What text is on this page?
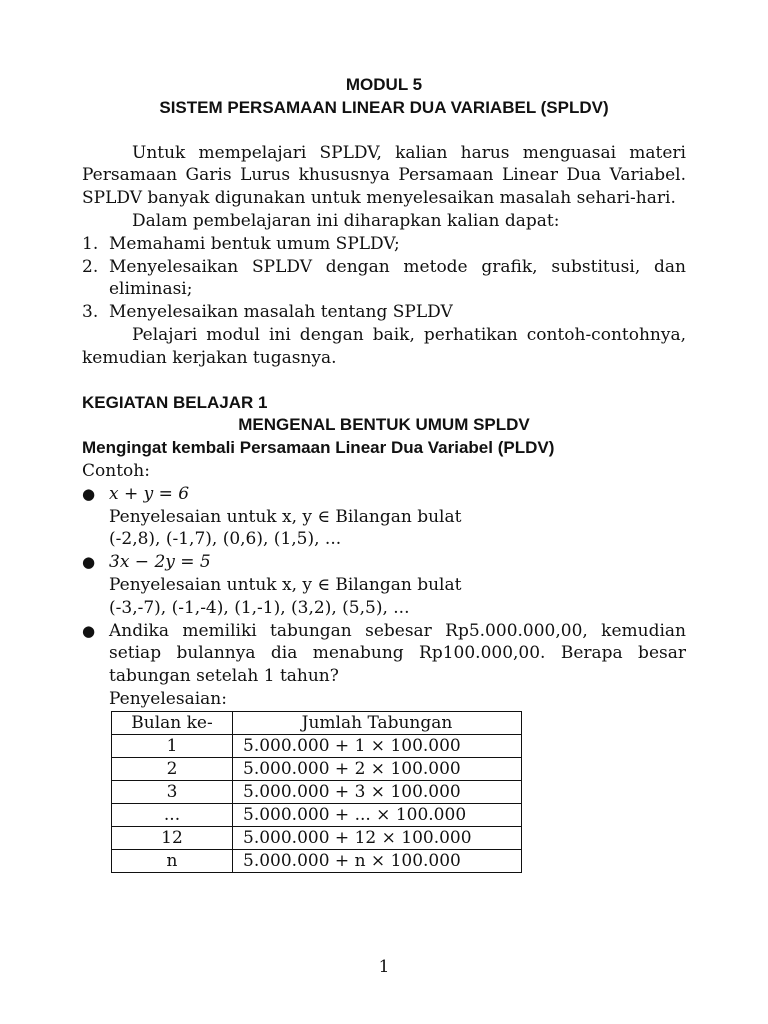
MODUL 5

SISTEM PERSAMAAN LINEAR DUA VARIABEL (SPLDV)

Untuk mempelajari SPLDV, kalian harus menguasai materi Persamaan Garis Lurus khususnya Persamaan Linear Dua Variabel. SPLDV banyak digunakan untuk menyelesaikan masalah sehari-hari.

Dalam pembelajaran ini diharapkan kalian dapat:

1. Memahami bentuk umum SPLDV;
2. Menyelesaikan SPLDV dengan metode grafik, substitusi, dan eliminasi;
3. Menyelesaikan masalah tentang SPLDV

Pelajari modul ini dengan baik, perhatikan contoh-contohnya, kemudian kerjakan tugasnya.

KEGIATAN BELAJAR 1

MENGENAL BENTUK UMUM SPLDV

Mengingat kembali Persamaan Linear Dua Variabel (PLDV)

Contoh:

● x + y = 6

Penyelesaian untuk x, y ∈ Bilangan bulat

(-2,8), (-1,7), (0,6), (1,5), ...

● 3x − 2y = 5

Penyelesaian untuk x, y ∈ Bilangan bulat

(-3,-7), (-1,-4), (1,-1), (3,2), (5,5), ...

● Andika memiliki tabungan sebesar Rp5.000.000,00, kemudian setiap bulannya dia menabung Rp100.000,00. Berapa besar tabungan setelah 1 tahun?

Penyelesaian:

Bulan ke-	Jumlah Tabungan
1	5.000.000 + 1 × 100.000
2	5.000.000 + 2 × 100.000
3	5.000.000 + 3 × 100.000
...	5.000.000 + ... × 100.000
12	5.000.000 + 12 × 100.000
n	5.000.000 + n × 100.000
1
